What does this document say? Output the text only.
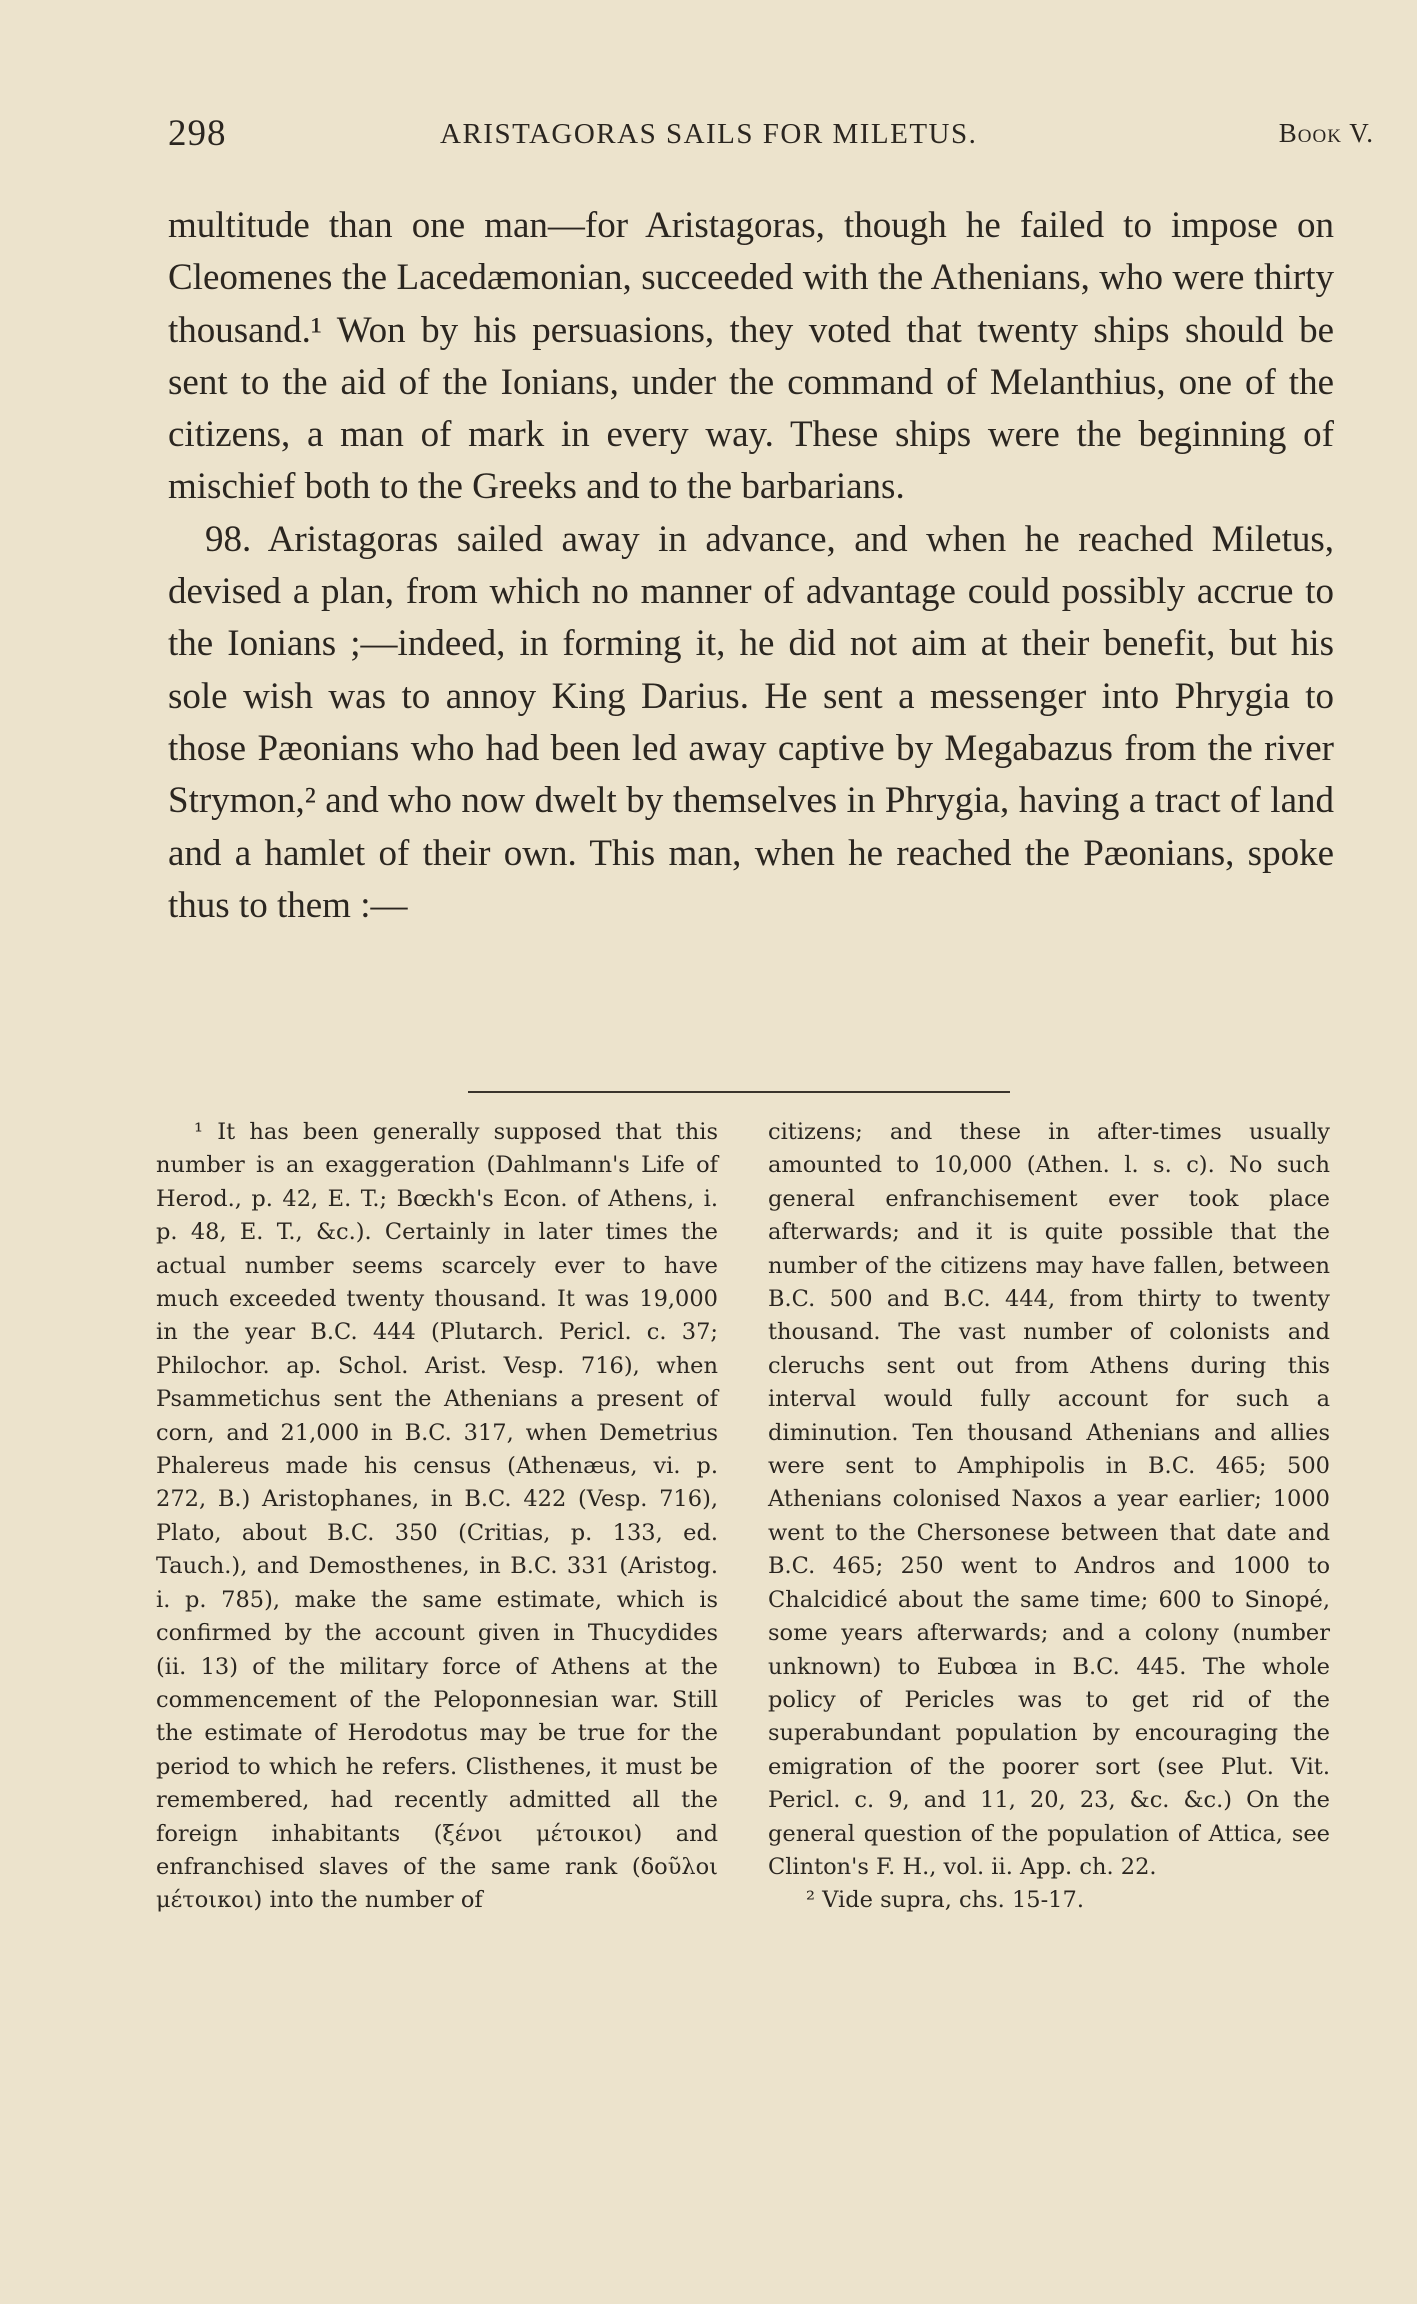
298	ARISTAGORAS SAILS FOR MILETUS.	Book V.

multitude than one man—for Aristagoras, though he failed to impose on Cleomenes the Lacedæmonian, succeeded with the Athenians, who were thirty thousand.¹ Won by his persuasions, they voted that twenty ships should be sent to the aid of the Ionians, under the command of Melanthius, one of the citizens, a man of mark in every way. These ships were the beginning of mischief both to the Greeks and to the barbarians.

98. Aristagoras sailed away in advance, and when he reached Miletus, devised a plan, from which no manner of advantage could possibly accrue to the Ionians ;—indeed, in forming it, he did not aim at their benefit, but his sole wish was to annoy King Darius. He sent a messenger into Phrygia to those Pæonians who had been led away captive by Megabazus from the river Strymon,² and who now dwelt by themselves in Phrygia, having a tract of land and a hamlet of their own. This man, when he reached the Pæonians, spoke thus to them :—

¹ It has been generally supposed that this number is an exaggeration (Dahlmann's Life of Herod., p. 42, E. T.; Bœckh's Econ. of Athens, i. p. 48, E. T., &c.). Certainly in later times the actual number seems scarcely ever to have much exceeded twenty thousand. It was 19,000 in the year B.C. 444 (Plutarch. Pericl. c. 37; Philochor. ap. Schol. Arist. Vesp. 716), when Psammetichus sent the Athenians a present of corn, and 21,000 in B.C. 317, when Demetrius Phalereus made his census (Athenæus, vi. p. 272, B.) Aristophanes, in B.C. 422 (Vesp. 716), Plato, about B.C. 350 (Critias, p. 133, ed. Tauch.), and Demosthenes, in B.C. 331 (Aristog. i. p. 785), make the same estimate, which is confirmed by the account given in Thucydides (ii. 13) of the military force of Athens at the commencement of the Peloponnesian war. Still the estimate of Herodotus may be true for the period to which he refers. Clisthenes, it must be remembered, had recently admitted all the foreign inhabitants (ξένοι μέτοικοι) and enfranchised slaves of the same rank (δοῦλοι μέτοικοι) into the number of

citizens; and these in after-times usually amounted to 10,000 (Athen. l. s. c). No such general enfranchisement ever took place afterwards; and it is quite possible that the number of the citizens may have fallen, between B.C. 500 and B.C. 444, from thirty to twenty thousand. The vast number of colonists and cleruchs sent out from Athens during this interval would fully account for such a diminution. Ten thousand Athenians and allies were sent to Amphipolis in B.C. 465; 500 Athenians colonised Naxos a year earlier; 1000 went to the Chersonese between that date and B.C. 465; 250 went to Andros and 1000 to Chalcidicé about the same time; 600 to Sinopé, some years afterwards; and a colony (number unknown) to Eubœa in B.C. 445. The whole policy of Pericles was to get rid of the superabundant population by encouraging the emigration of the poorer sort (see Plut. Vit. Pericl. c. 9, and 11, 20, 23, &c. &c.) On the general question of the population of Attica, see Clinton's F. H., vol. ii. App. ch. 22.

² Vide supra, chs. 15-17.
